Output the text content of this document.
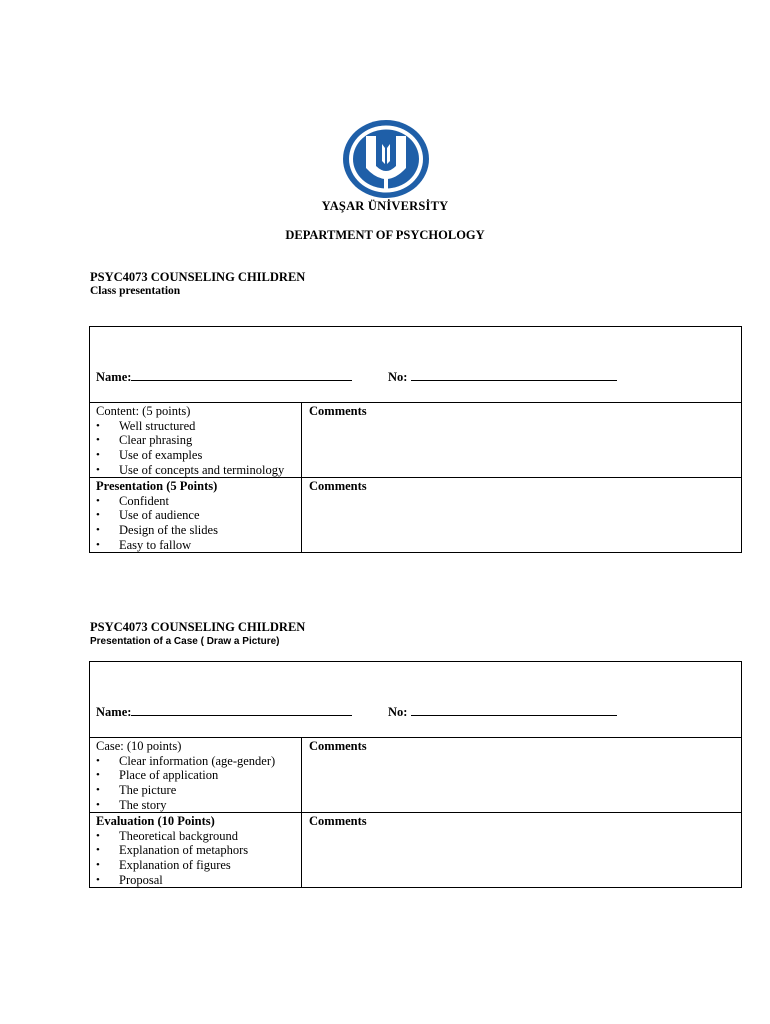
YAŞAR ÜNİVERSİTY
DEPARTMENT OF PSYCHOLOGY
PSYC4073 COUNSELING CHILDREN
Class presentation
Name:	No:
Content: (5 points)
• Well structured
• Clear phrasing
• Use of examples
• Use of concepts and terminology
Comments
Presentation (5 Points)
• Confident
• Use of audience
• Design of the slides
• Easy to fallow
Comments
PSYC4073 COUNSELING CHILDREN
Presentation of a Case ( Draw a Picture)
Name:	No:
Case: (10 points)
• Clear information (age-gender)
• Place of application
• The picture
• The story
Comments
Evaluation (10 Points)
• Theoretical background
• Explanation of metaphors
• Explanation of figures
• Proposal
Comments
